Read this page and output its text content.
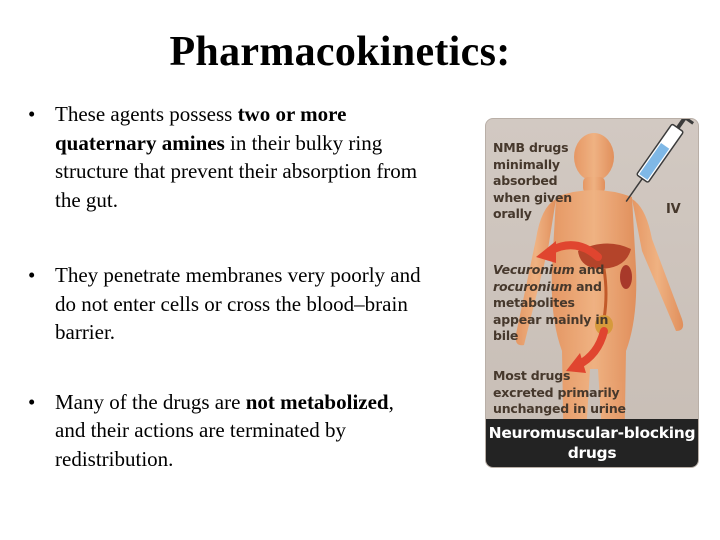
Pharmacokinetics:
• These agents possess two or more quaternary amines in their bulky ring structure that prevent their absorption from the gut.
• They penetrate membranes very poorly and do not enter cells or cross the blood–brain barrier.
• Many of the drugs are not metabolized, and their actions are terminated by redistribution.
NMB drugs minimally absorbed when given orally	IV
Vecuronium and rocuronium and metabolites appear mainly in bile
Most drugs excreted primarily unchanged in urine
Neuromuscular-blocking drugs
